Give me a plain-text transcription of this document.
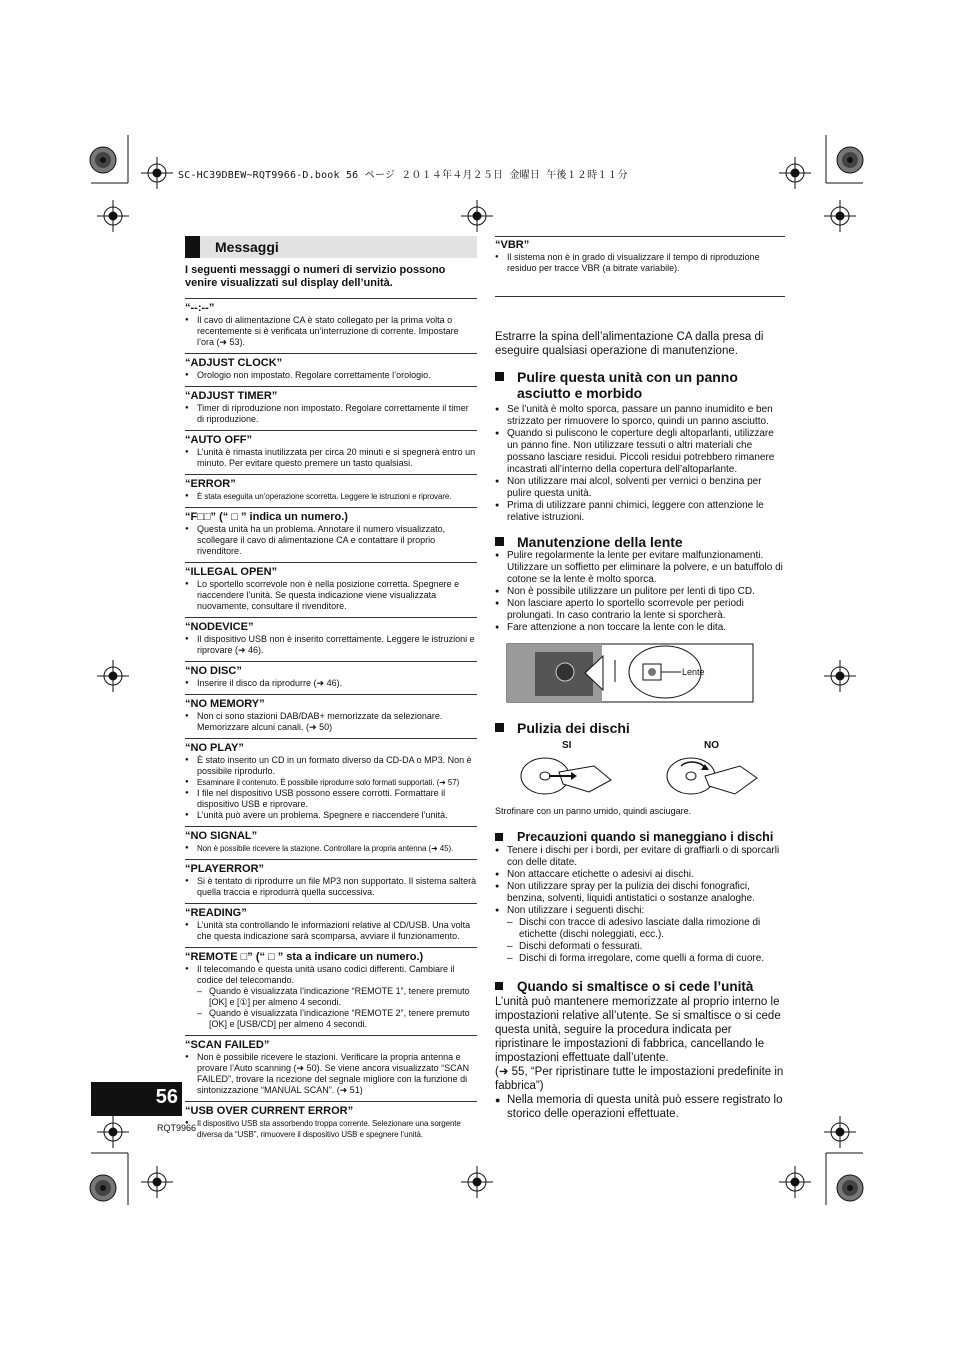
SC-HC39DBEW~RQT9966-D.book 56 ページ ２０１４年４月２５日 金曜日 午後１２時１１分
Messaggi
I seguenti messaggi o numeri di servizio possono venire visualizzati sul display dell’unità.
“--:--”
● Il cavo di alimentazione CA è stato collegato per la prima volta o recentemente si è verificata un’interruzione di corrente. Impostare l’ora (➜ 53).
“ADJUST CLOCK”
● Orologio non impostato. Regolare correttamente l’orologio.
“ADJUST TIMER”
● Timer di riproduzione non impostato. Regolare correttamente il timer di riproduzione.
“AUTO OFF”
● L’unità è rimasta inutilizzata per circa 20 minuti e si spegnerà entro un minuto. Per evitare questo premere un tasto qualsiasi.
“ERROR”
● È stata eseguita un’operazione scorretta. Leggere le istruzioni e riprovare.
“F□□” (“ □ ” indica un numero.)
● Questa unità ha un problema. Annotare il numero visualizzato, scollegare il cavo di alimentazione CA e contattare il proprio rivenditore.
“ILLEGAL OPEN”
● Lo sportello scorrevole non è nella posizione corretta. Spegnere e riaccendere l’unità. Se questa indicazione viene visualizzata nuovamente, consultare il rivenditore.
“NODEVICE”
● Il dispositivo USB non è inserito correttamente. Leggere le istruzioni e riprovare (➜ 46).
“NO DISC”
● Inserire il disco da riprodurre (➜ 46).
“NO MEMORY”
● Non ci sono stazioni DAB/DAB+ memorizzate da selezionare. Memorizzare alcuni canali. (➜ 50)
“NO PLAY”
● È stato inserito un CD in un formato diverso da CD-DA o MP3. Non è possibile riprodurlo.
● Esaminare il contenuto. È possibile riprodurre solo formati supportati. (➜ 57)
● I file nel dispositivo USB possono essere corrotti. Formattare il dispositivo USB e riprovare.
● L’unità può avere un problema. Spegnere e riaccendere l’unità.
“NO SIGNAL”
● Non è possibile ricevere la stazione. Controllare la propria antenna (➜ 45).
“PLAYERROR”
● Si è tentato di riprodurre un file MP3 non supportato. Il sistema salterà quella traccia e riprodurrà quella successiva.
“READING”
● L’unità sta controllando le informazioni relative al CD/USB. Una volta che questa indicazione sarà scomparsa, avviare il funzionamento.
“REMOTE □” (“ □ ” sta a indicare un numero.)
● Il telecomando e questa unità usano codici differenti. Cambiare il codice del telecomando.
– Quando è visualizzata l’indicazione “REMOTE 1”, tenere premuto [OK] e [①] per almeno 4 secondi.
– Quando è visualizzata l’indicazione “REMOTE 2”, tenere premuto [OK] e [USB/CD] per almeno 4 secondi.
“SCAN FAILED”
● Non è possibile ricevere le stazioni. Verificare la propria antenna e provare l’Auto scanning (➜ 50). Se viene ancora visualizzato “SCAN FAILED”, trovare la ricezione del segnale migliore con la funzione di sintonizzazione “MANUAL SCAN”. (➜ 51)
“USB OVER CURRENT ERROR”
● Il dispositivo USB sta assorbendo troppa corrente. Selezionare una sorgente diversa da “USB”, rimuovere il dispositivo USB e spegnere l’unità.
“VBR”
● Il sistema non è in grado di visualizzare il tempo di riproduzione residuo per tracce VBR (a bitrate variabile).
Estrarre la spina dell’alimentazione CA dalla presa di eseguire qualsiasi operazione di manutenzione.
Pulire questa unità con un panno asciutto e morbido
● Se l’unità è molto sporca, passare un panno inumidito e ben strizzato per rimuovere lo sporco, quindi un panno asciutto.
● Quando si puliscono le coperture degli altoparlanti, utilizzare un panno fine. Non utilizzare tessuti o altri materiali che possano lasciare residui. Piccoli residui potrebbero rimanere incastrati all’interno della copertura dell’altoparlante.
● Non utilizzare mai alcol, solventi per vernici o benzina per pulire questa unità.
● Prima di utilizzare panni chimici, leggere con attenzione le relative istruzioni.
Manutenzione della lente
● Pulire regolarmente la lente per evitare malfunzionamenti. Utilizzare un soffietto per eliminare la polvere, e un batuffolo di cotone se la lente è molto sporca.
● Non è possibile utilizzare un pulitore per lenti di tipo CD.
● Non lasciare aperto lo sportello scorrevole per periodi prolungati. In caso contrario la lente si sporcherà.
● Fare attenzione a non toccare la lente con le dita.
Lente
Pulizia dei dischi
SI	NO
Strofinare con un panno umido, quindi asciugare.
Precauzioni quando si maneggiano i dischi
● Tenere i dischi per i bordi, per evitare di graffiarli o di sporcarli con delle ditate.
● Non attaccare etichette o adesivi ai dischi.
● Non utilizzare spray per la pulizia dei dischi fonografici, benzina, solventi, liquidi antistatici o sostanze analoghe.
● Non utilizzare i seguenti dischi:
– Dischi con tracce di adesivo lasciate dalla rimozione di etichette (dischi noleggiati, ecc.).
– Dischi deformati o fessurati.
– Dischi di forma irregolare, come quelli a forma di cuore.
Quando si smaltisce o si cede l’unità
L’unità può mantenere memorizzate al proprio interno le impostazioni relative all’utente. Se si smaltisce o si cede questa unità, seguire la procedura indicata per ripristinare le impostazioni di fabbrica, cancellando le impostazioni effettuate dall’utente.
(➜ 55, “Per ripristinare tutte le impostazioni predefinite in fabbrica”)
● Nella memoria di questa unità può essere registrato lo storico delle operazioni effettuate.
56
RQT9966
